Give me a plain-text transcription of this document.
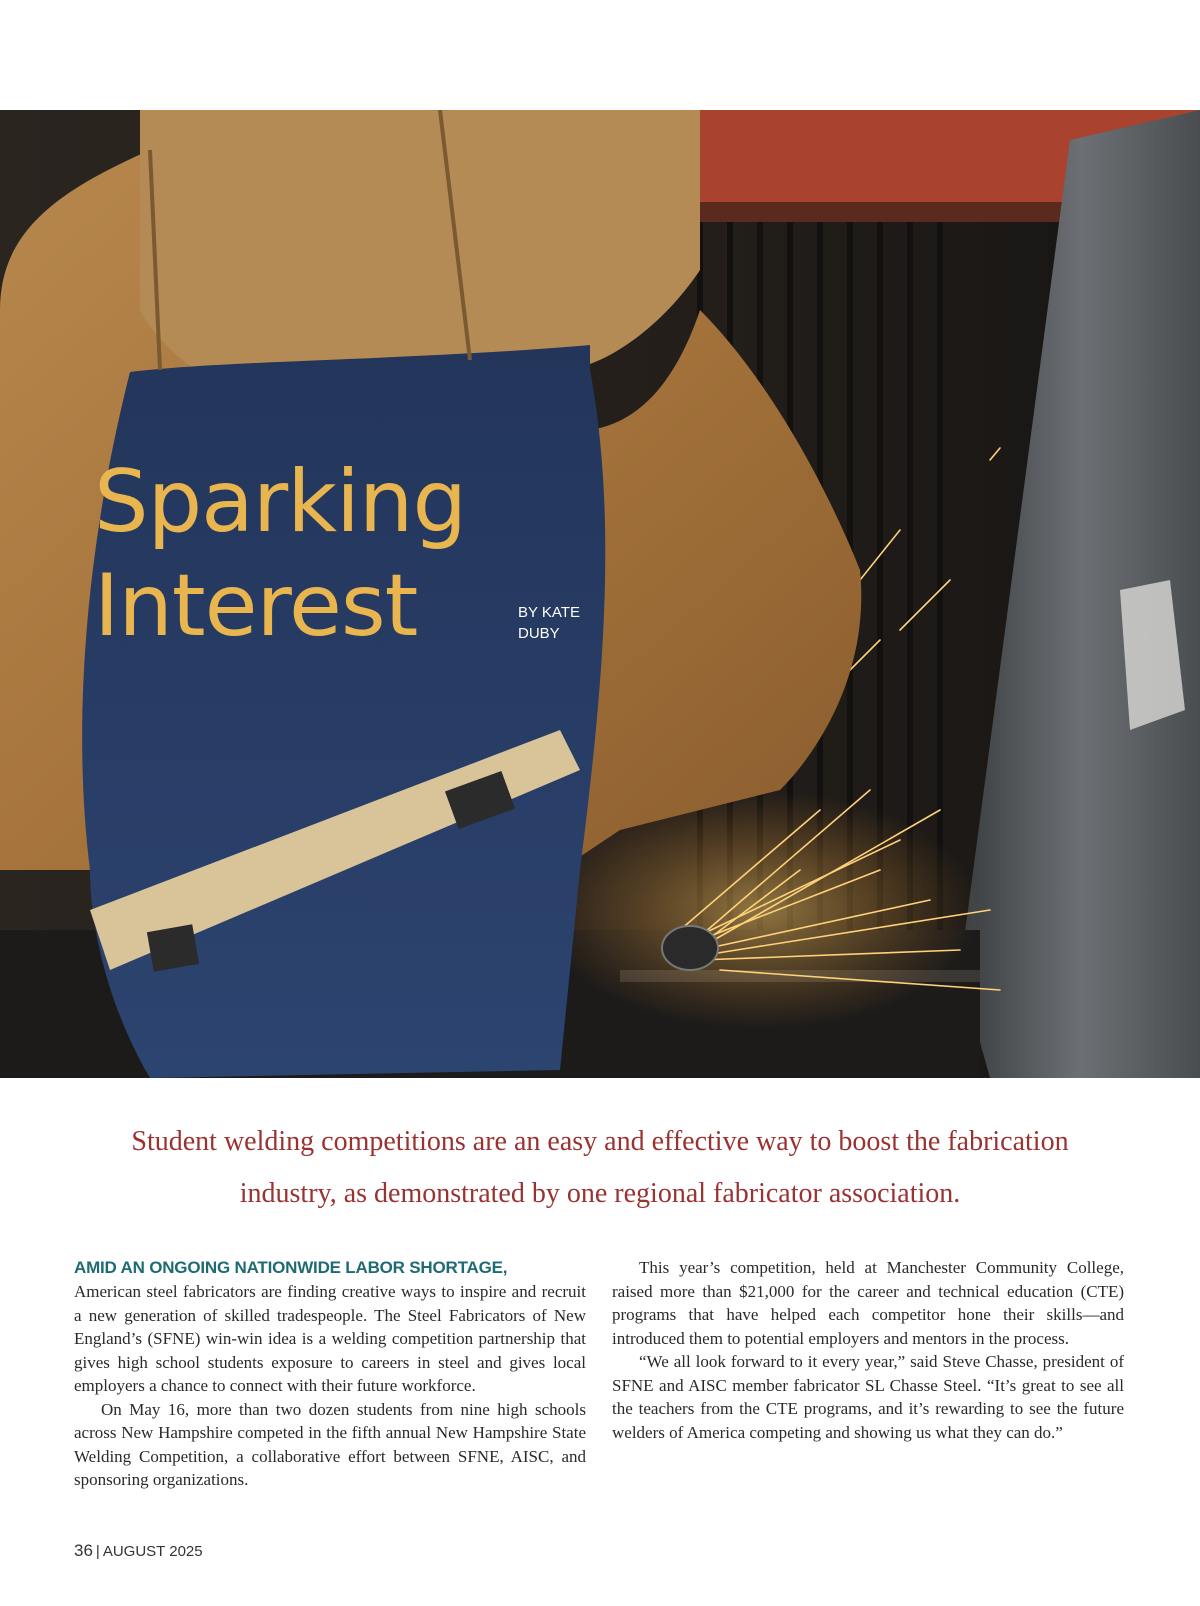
Sparking
Interest	BY KATE
DUBY
Student welding competitions are an easy and effective way to boost the fabrication industry, as demonstrated by one regional fabricator association.
AMID AN ONGOING NATIONWIDE LABOR SHORTAGE,

American steel fabricators are finding creative ways to inspire and recruit a new generation of skilled tradespeople. The Steel Fabricators of New England’s (SFNE) win-win idea is a welding competition partnership that gives high school students exposure to careers in steel and gives local employers a chance to connect with their future workforce.

On May 16, more than two dozen students from nine high schools across New Hampshire competed in the fifth annual New Hampshire State Welding Competition, a collaborative effort between SFNE, AISC, and sponsoring organizations.

This year’s competition, held at Manchester Community College, raised more than $21,000 for the career and technical education (CTE) programs that have helped each competitor hone their skills—and introduced them to potential employers and mentors in the process.

“We all look forward to it every year,” said Steve Chasse, president of SFNE and AISC member fabricator SL Chasse Steel. “It’s great to see all the teachers from the CTE programs, and it’s rewarding to see the future welders of America competing and showing us what they can do.”

36 | AUGUST 2025
